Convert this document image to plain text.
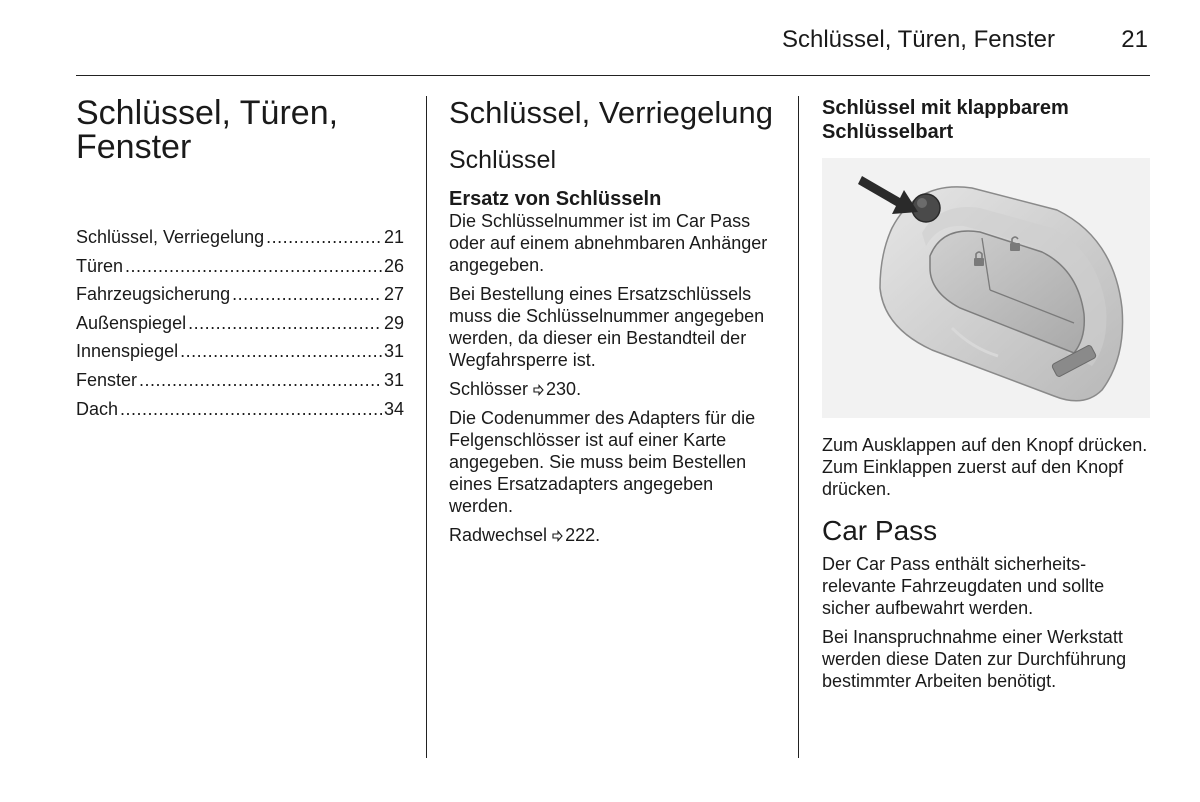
Schlüssel, Türen, Fenster	21
Schlüssel, Türen,
Fenster
Schlüssel, Verriegelung .....	21
Türen .....	26
Fahrzeugsicherung .....	27
Außenspiegel .....	29
Innenspiegel .....	31
Fenster .....	31
Dach .....	34
Schlüssel, Verriegelung
Schlüssel
Ersatz von Schlüsseln

Die Schlüsselnummer ist im Car Pass oder auf einem abnehmbaren Anhänger angegeben.

Bei Bestellung eines Ersatzschlüssels muss die Schlüsselnummer angegeben werden, da dieser ein Bestandteil der Wegfahrsperre ist.

Schlösser 230.

Die Codenummer des Adapters für die Felgenschlösser ist auf einer Karte angegeben. Sie muss beim Bestellen eines Ersatzadapters angegeben werden.

Radwechsel 222.

Schlüssel mit klappbarem
Schlüsselbart

Zum Ausklappen auf den Knopf drücken. Zum Einklappen zuerst auf den Knopf drücken.

Car Pass

Der Car Pass enthält sicherheitsrelevante Fahrzeugdaten und sollte sicher aufbewahrt werden.

Bei Inanspruchnahme einer Werkstatt werden diese Daten zur Durchführung bestimmter Arbeiten benötigt.
